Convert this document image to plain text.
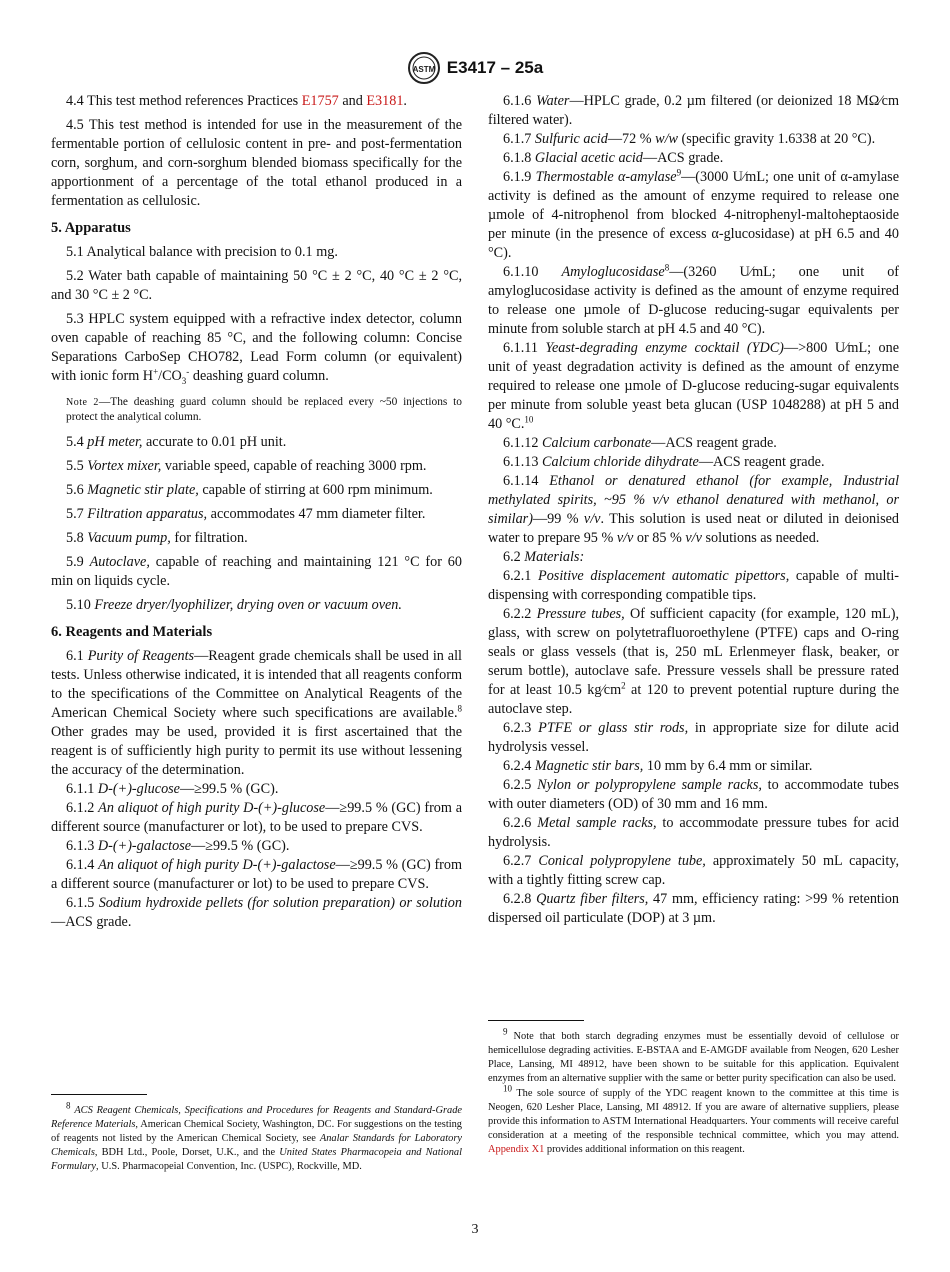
ASTM E3417 – 25a

4.4 This test method references Practices E1757 and E3181.

4.5 This test method is intended for use in the measurement of the fermentable portion of cellulosic content in pre- and post-fermentation corn, sorghum, and corn-sorghum blended biomass specifically for the apportionment of a percentage of the total ethanol produced in a fermentation as cellulosic.

5. Apparatus

5.1 Analytical balance with precision to 0.1 mg.

5.2 Water bath capable of maintaining 50 °C ± 2 °C, 40 °C ± 2 °C, and 30 °C ± 2 °C.

5.3 HPLC system equipped with a refractive index detector, column oven capable of reaching 85 °C, and the following column: Concise Separations CarboSep CHO782, Lead Form column (or equivalent) with ionic form $H^+/CO_3^-$ deashing guard column.

Note 2—The deashing guard column should be replaced every ~50 injections to protect the analytical column.

5.4 pH meter, accurate to 0.01 pH unit.

5.5 Vortex mixer, variable speed, capable of reaching 3000 rpm.

5.6 Magnetic stir plate, capable of stirring at 600 rpm minimum.

5.7 Filtration apparatus, accommodates 47 mm diameter filter.

5.8 Vacuum pump, for filtration.

5.9 Autoclave, capable of reaching and maintaining 121 °C for 60 min on liquids cycle.

5.10 Freeze dryer/lyophilizer, drying oven or vacuum oven.

6. Reagents and Materials

6.1 Purity of Reagents—Reagent grade chemicals shall be used in all tests. Unless otherwise indicated, it is intended that all reagents conform to the specifications of the Committee on Analytical Reagents of the American Chemical Society where such specifications are available.$^8$ Other grades may be used, provided it is first ascertained that the reagent is of sufficiently high purity to permit its use without lessening the accuracy of the determination.

6.1.1 D-(+)-glucose—≥99.5 % (GC).

6.1.2 An aliquot of high purity D-(+)-glucose—≥99.5 % (GC) from a different source (manufacturer or lot), to be used to prepare CVS.

6.1.3 D-(+)-galactose—≥99.5 % (GC).

6.1.4 An aliquot of high purity D-(+)-galactose—≥99.5 % (GC) from a different source (manufacturer or lot) to be used to prepare CVS.

6.1.5 Sodium hydroxide pellets (for solution preparation) or solution—ACS grade.

$^8$ ACS Reagent Chemicals, Specifications and Procedures for Reagents and Standard-Grade Reference Materials, American Chemical Society, Washington, DC. For suggestions on the testing of reagents not listed by the American Chemical Society, see Analar Standards for Laboratory Chemicals, BDH Ltd., Poole, Dorset, U.K., and the United States Pharmacopeia and National Formulary, U.S. Pharmacopeial Convention, Inc. (USPC), Rockville, MD.

6.1.6 Water—HPLC grade, 0.2 µm filtered (or deionized 18 MΩ⁄cm filtered water).

6.1.7 Sulfuric acid—72 % w/w (specific gravity 1.6338 at 20 °C).

6.1.8 Glacial acetic acid—ACS grade.

6.1.9 Thermostable α-amylase$^9$—(3000 U⁄mL; one unit of α-amylase activity is defined as the amount of enzyme required to release one µmole of 4-nitrophenol from blocked 4-nitrophenyl-maltoheptaoside per minute (in the presence of excess α-glucosidase) at pH 6.5 and 40 °C).

6.1.10 Amyloglucosidase$^8$—(3260 U⁄mL; one unit of amyloglucosidase activity is defined as the amount of enzyme required to release one µmole of D-glucose reducing-sugar equivalents per minute from soluble starch at pH 4.5 and 40 °C).

6.1.11 Yeast-degrading enzyme cocktail (YDC)—>800 U⁄mL; one unit of yeast degradation activity is defined as the amount of enzyme required to release one µmole of D-glucose reducing-sugar equivalents per minute from soluble yeast beta glucan (USP 1048288) at pH 5 and 40 °C.$^{10}$

6.1.12 Calcium carbonate—ACS reagent grade.

6.1.13 Calcium chloride dihydrate—ACS reagent grade.

6.1.14 Ethanol or denatured ethanol (for example, Industrial methylated spirits, ~95 % v/v ethanol denatured with methanol, or similar)—99 % v/v. This solution is used neat or diluted in deionised water to prepare 95 % v/v or 85 % v/v solutions as needed.

6.2 Materials:

6.2.1 Positive displacement automatic pipettors, capable of multi-dispensing with corresponding compatible tips.

6.2.2 Pressure tubes, Of sufficient capacity (for example, 120 mL), glass, with screw on polytetrafluoroethylene (PTFE) caps and O-ring seals or glass vessels (that is, 250 mL Erlenmeyer flask, beaker, or serum bottle), autoclave safe. Pressure vessels shall be pressure rated for at least 10.5 $kg⁄cm^2$ at 120 to prevent potential rupture during the autoclave step.

6.2.3 PTFE or glass stir rods, in appropriate size for dilute acid hydrolysis vessel.

6.2.4 Magnetic stir bars, 10 mm by 6.4 mm or similar.

6.2.5 Nylon or polypropylene sample racks, to accommodate tubes with outer diameters (OD) of 30 mm and 16 mm.

6.2.6 Metal sample racks, to accommodate pressure tubes for acid hydrolysis.

6.2.7 Conical polypropylene tube, approximately 50 mL capacity, with a tightly fitting screw cap.

6.2.8 Quartz fiber filters, 47 mm, efficiency rating: >99 % retention dispersed oil particulate (DOP) at 3 µm.

$^9$ Note that both starch degrading enzymes must be essentially devoid of cellulose or hemicellulose degrading activities. E-BSTAA and E-AMGDF available from Neogen, 620 Lesher Place, Lansing, MI 48912, have been shown to be suitable for this application. Equivalent enzymes from an alternative supplier with the same or better purity specification can also be used.

$^{10}$ The sole source of supply of the YDC reagent known to the committee at this time is Neogen, 620 Lesher Place, Lansing, MI 48912. If you are aware of alternative suppliers, please provide this information to ASTM International Headquarters. Your comments will receive careful consideration at a meeting of the responsible technical committee, which you may attend. Appendix X1 provides additional information on this reagent.

3
